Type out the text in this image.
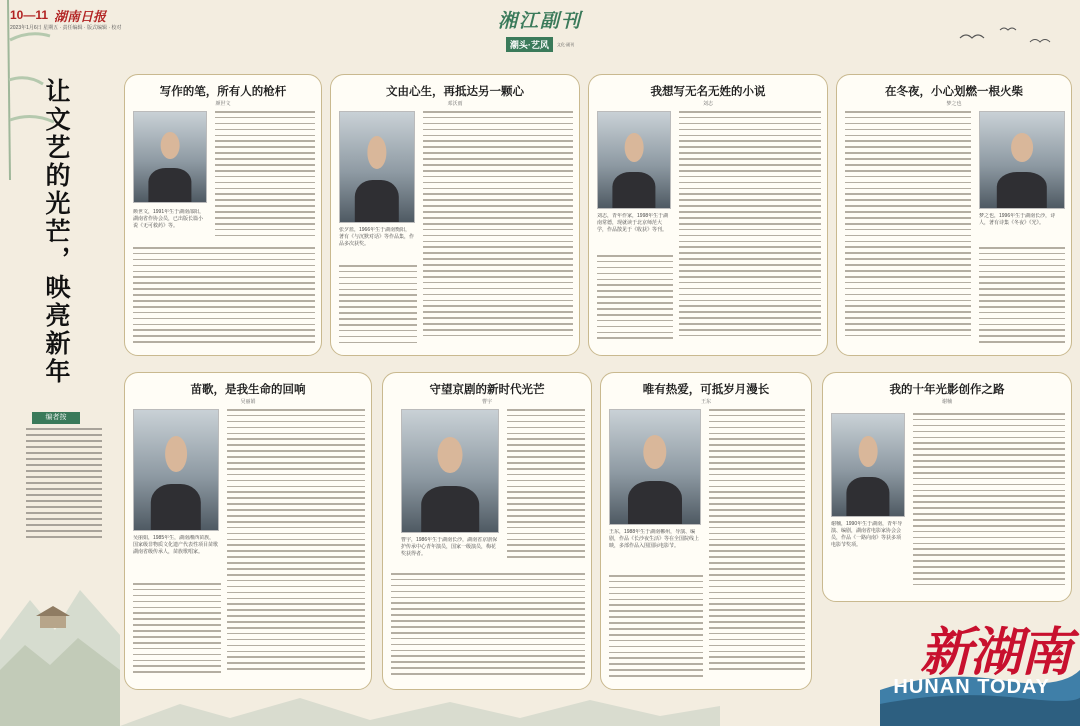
10—11 湖南日报
2023年1月6日 星期五 · 责任编辑 · 版式编辑 · 校对	湘江副刊
潮头·艺风	文化·副刊
让文艺的光芒，映亮新年
编者按
写作的笔，所有人的枪杆
颜世文
颜世文，1991年生于湖南邵阳，湖南省作协会员，已出版长篇小说《无可救药》等。
文由心生，再抵达另一颗心
邓沃雨
张夕蓝，1966年生于湖南衡阳，著有《与沉默对话》等作品集，作品多次获奖。
我想写无名无姓的小说
刘志
刘志，青年作家，1998年生于湖南常德，现就读于北京师范大学，作品散见于《收获》等刊。
在冬夜，小心划燃一根火柴
梦之也
梦之也，1996年生于湖南长沙，诗人，著有诗集《冬夜》《光》。
苗歌，是我生命的回响
吴丽娟
吴丽娟，1985年生，湖南湘西苗族，国家级非物质文化遗产代表性项目苗歌湖南省级传承人，苗族歌唱家。
守望京剧的新时代光芒
曹宇
曹宇，1986年生于湖南长沙，湖南省京剧保护传承中心青年演员，国家一级演员，梅花奖获得者。
唯有热爱，可抵岁月漫长
王东
王东，1988年生于湖南郴州，导演、编剧，作品《长沙夜生活》等在全国院线上映，多部作品入围国际电影节。
我的十年光影创作之路
谢楠
谢楠，1990年生于湖南，青年导演、编剧，湖南省电影家协会会员，作品《一路向南》等获多项电影节奖项。
新湖南
HUNAN TODAY
